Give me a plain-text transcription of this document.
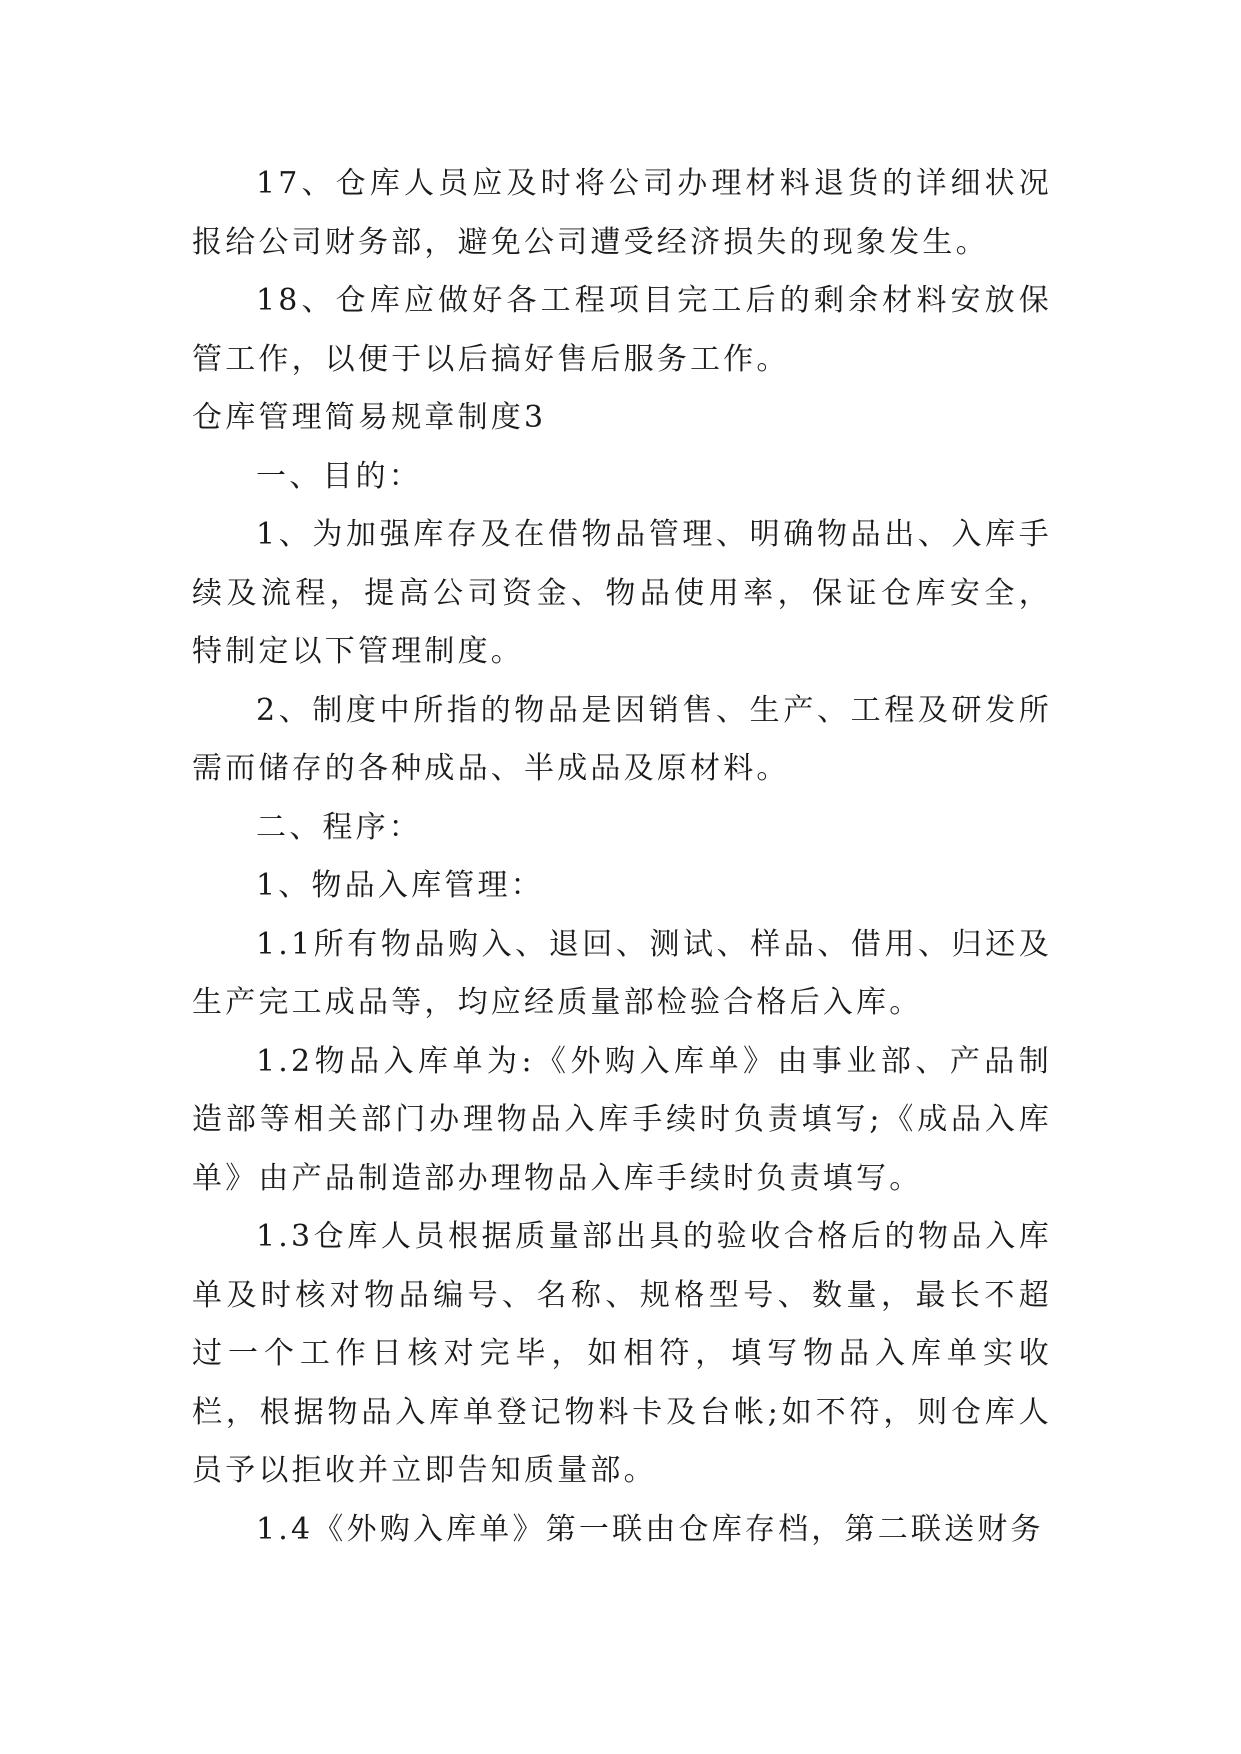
17、仓库人员应及时将公司办理材料退货的详细状况报给公司财务部，避免公司遭受经济损失的现象发生。

18、仓库应做好各工程项目完工后的剩余材料安放保管工作，以便于以后搞好售后服务工作。

仓库管理简易规章制度3

一、目的：

1、为加强库存及在借物品管理、明确物品出、入库手续及流程，提高公司资金、物品使用率，保证仓库安全，特制定以下管理制度。

2、制度中所指的物品是因销售、生产、工程及研发所需而储存的各种成品、半成品及原材料。

二、程序：

1、物品入库管理：

1.1所有物品购入、退回、测试、样品、借用、归还及生产完工成品等，均应经质量部检验合格后入库。

1.2物品入库单为:《外购入库单》由事业部、产品制造部等相关部门办理物品入库手续时负责填写;《成品入库单》由产品制造部办理物品入库手续时负责填写。

1.3仓库人员根据质量部出具的验收合格后的物品入库单及时核对物品编号、名称、规格型号、数量，最长不超过一个工作日核对完毕，如相符，填写物品入库单实收栏，根据物品入库单登记物料卡及台帐;如不符，则仓库人员予以拒收并立即告知质量部。

1.4《外购入库单》第一联由仓库存档，第二联送财务
